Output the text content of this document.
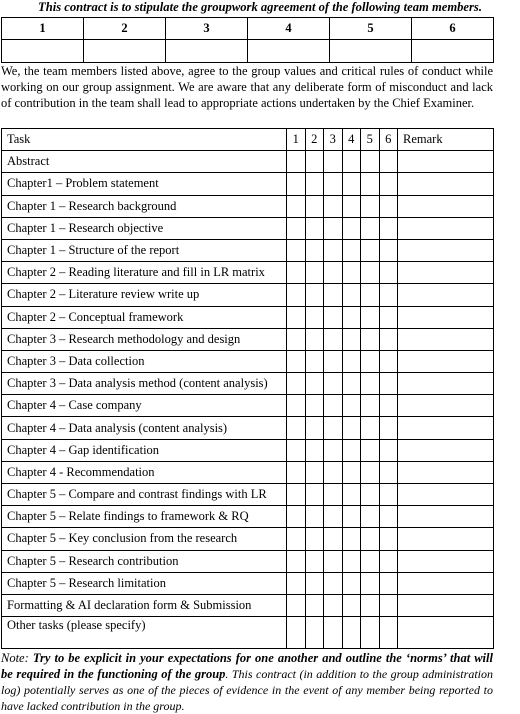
This contract is to stipulate the groupwork agreement of the following team members.
1	2	3	4	5	6

We, the team members listed above, agree to the group values and critical rules of conduct while working on our group assignment. We are aware that any deliberate form of misconduct and lack of contribution in the team shall lead to appropriate actions undertaken by the Chief Examiner.

Task	1	2	3	4	5	6	Remark
Abstract							
Chapter1 – Problem statement							
Chapter 1 – Research background							
Chapter 1 – Research objective							
Chapter 1 – Structure of the report							
Chapter 2 – Reading literature and fill in LR matrix							
Chapter 2 – Literature review write up							
Chapter 2 – Conceptual framework							
Chapter 3 – Research methodology and design							
Chapter 3 – Data collection							
Chapter 3 – Data analysis method (content analysis)							
Chapter 4 – Case company							
Chapter 4 – Data analysis (content analysis)							
Chapter 4 – Gap identification							
Chapter 4 - Recommendation							
Chapter 5 – Compare and contrast findings with LR							
Chapter 5 – Relate findings to framework & RQ							
Chapter 5 – Key conclusion from the research							
Chapter 5 – Research contribution							
Chapter 5 – Research limitation							
Formatting & AI declaration form & Submission							
Other tasks (please specify)							

Note: Try to be explicit in your expectations for one another and outline the ‘norms’ that will be required in the functioning of the group. This contract (in addition to the group administration log) potentially serves as one of the pieces of evidence in the event of any member being reported to have lacked contribution in the group.
